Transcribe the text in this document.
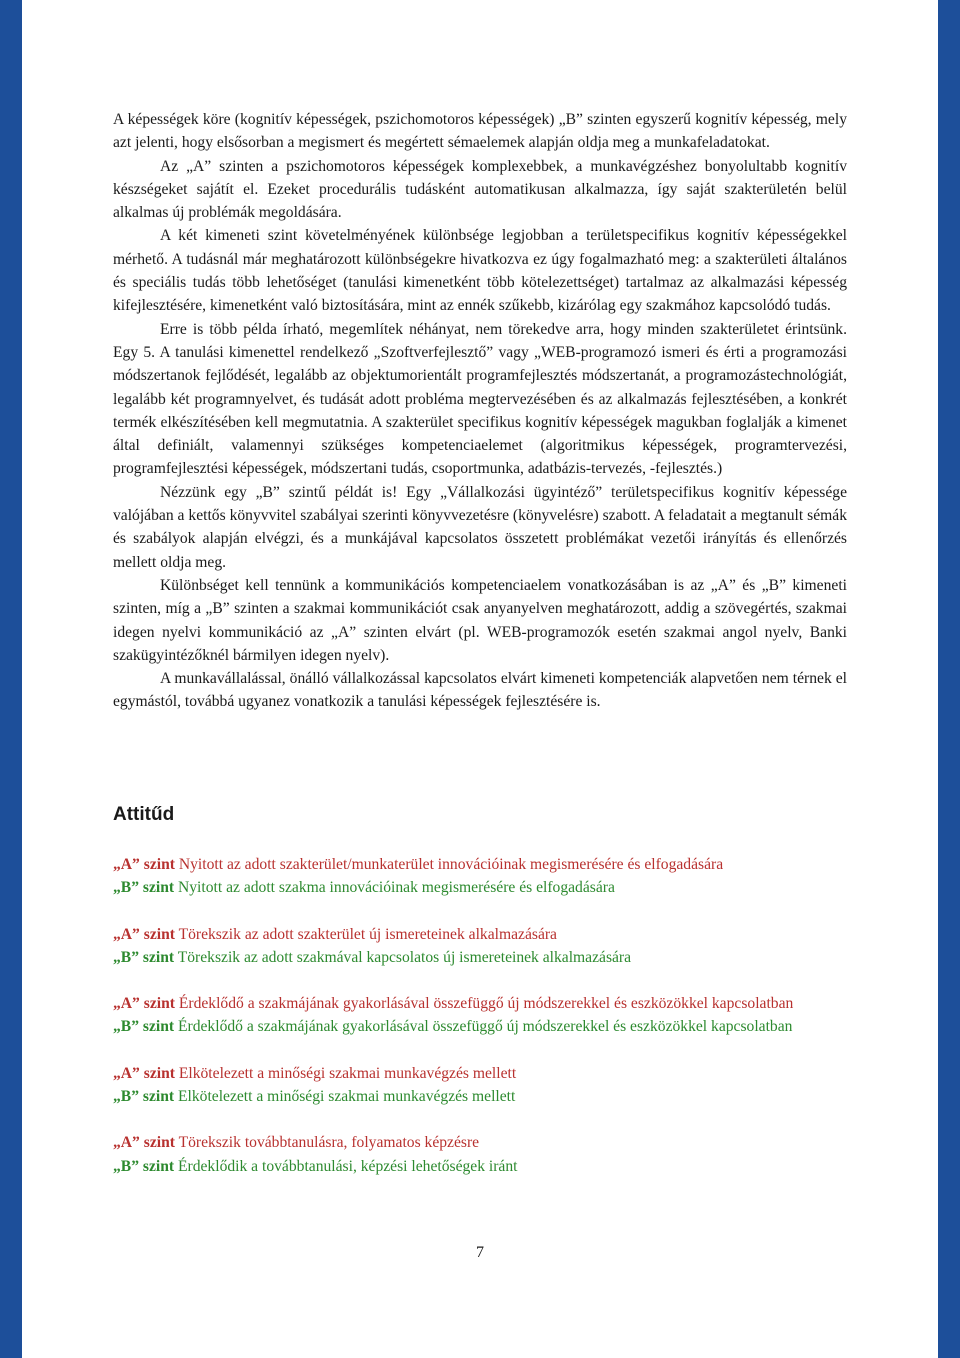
A képességek köre (kognitív képességek, pszichomotoros képességek) „B” szinten egyszerű kognitív képesség, mely azt jelenti, hogy elsősorban a megismert és megértett sémaelemek alapján oldja meg a munkafeladatokat.

Az „A” szinten a pszichomotoros képességek komplexebbek, a munkavégzéshez bonyolultabb kognitív készségeket sajátít el. Ezeket procedurális tudásként automatikusan alkalmazza, így saját szakterületén belül alkalmas új problémák megoldására.

A két kimeneti szint követelményének különbsége legjobban a területspecifikus kognitív képességekkel mérhető. A tudásnál már meghatározott különbségekre hivatkozva ez úgy fogalmazható meg: a szakterületi általános és speciális tudás több lehetőséget (tanulási kimenetként több kötelezettséget) tartalmaz az alkalmazási képesség kifejlesztésére, kimenetként való biztosítására, mint az ennék szűkebb, kizárólag egy szakmához kapcsolódó tudás.

Erre is több példa írható, megemlítek néhányat, nem törekedve arra, hogy minden szakterületet érintsünk. Egy 5. A tanulási kimenettel rendelkező „Szoftverfejlesztő” vagy „WEB-programozó ismeri és érti a programozási módszertanok fejlődését, legalább az objektumorientált programfejlesztés módszertanát, a programozástechnológiát, legalább két programnyelvet, és tudását adott probléma megtervezésében és az alkalmazás fejlesztésében, a konkrét termék elkészítésében kell megmutatnia. A szakterület specifikus kognitív képességek magukban foglalják a kimenet által definiált, valamennyi szükséges kompetenciaelemet (algoritmikus képességek, programtervezési, programfejlesztési képességek, módszertani tudás, csoportmunka, adatbázis-tervezés, -fejlesztés.)

Nézzünk egy „B” szintű példát is! Egy „Vállalkozási ügyintéző” területspecifikus kognitív képessége valójában a kettős könyvvitel szabályai szerinti könyvvezetésre (könyvelésre) szabott. A feladatait a megtanult sémák és szabályok alapján elvégzi, és a munkájával kapcsolatos összetett problémákat vezetői irányítás és ellenőrzés mellett oldja meg.

Különbséget kell tennünk a kommunikációs kompetenciaelem vonatkozásában is az „A” és „B” kimeneti szinten, míg a „B” szinten a szakmai kommunikációt csak anyanyelven meghatározott, addig a szövegértés, szakmai idegen nyelvi kommunikáció az „A” szinten elvárt (pl. WEB-programozók esetén szakmai angol nyelv, Banki szakügyintézőknél bármilyen idegen nyelv).

A munkavállalással, önálló vállalkozással kapcsolatos elvárt kimeneti kompetenciák alapvetően nem térnek el egymástól, továbbá ugyanez vonatkozik a tanulási képességek fejlesztésére is.

Attitűd

„A” szint Nyitott az adott szakterület/munkaterület innovációinak megismerésére és elfogadására

„B” szint Nyitott az adott szakma innovációinak megismerésére és elfogadására

„A” szint Törekszik az adott szakterület új ismereteinek alkalmazására

„B” szint Törekszik az adott szakmával kapcsolatos új ismereteinek alkalmazására

„A” szint Érdeklődő a szakmájának gyakorlásával összefüggő új módszerekkel és eszközökkel kapcsolatban

„B” szint Érdeklődő a szakmájának gyakorlásával összefüggő új módszerekkel és eszközökkel kapcsolatban

„A” szint Elkötelezett a minőségi szakmai munkavégzés mellett

„B” szint Elkötelezett a minőségi szakmai munkavégzés mellett

„A” szint Törekszik továbbtanulásra, folyamatos képzésre

„B” szint Érdeklődik a továbbtanulási, képzési lehetőségek iránt

7
